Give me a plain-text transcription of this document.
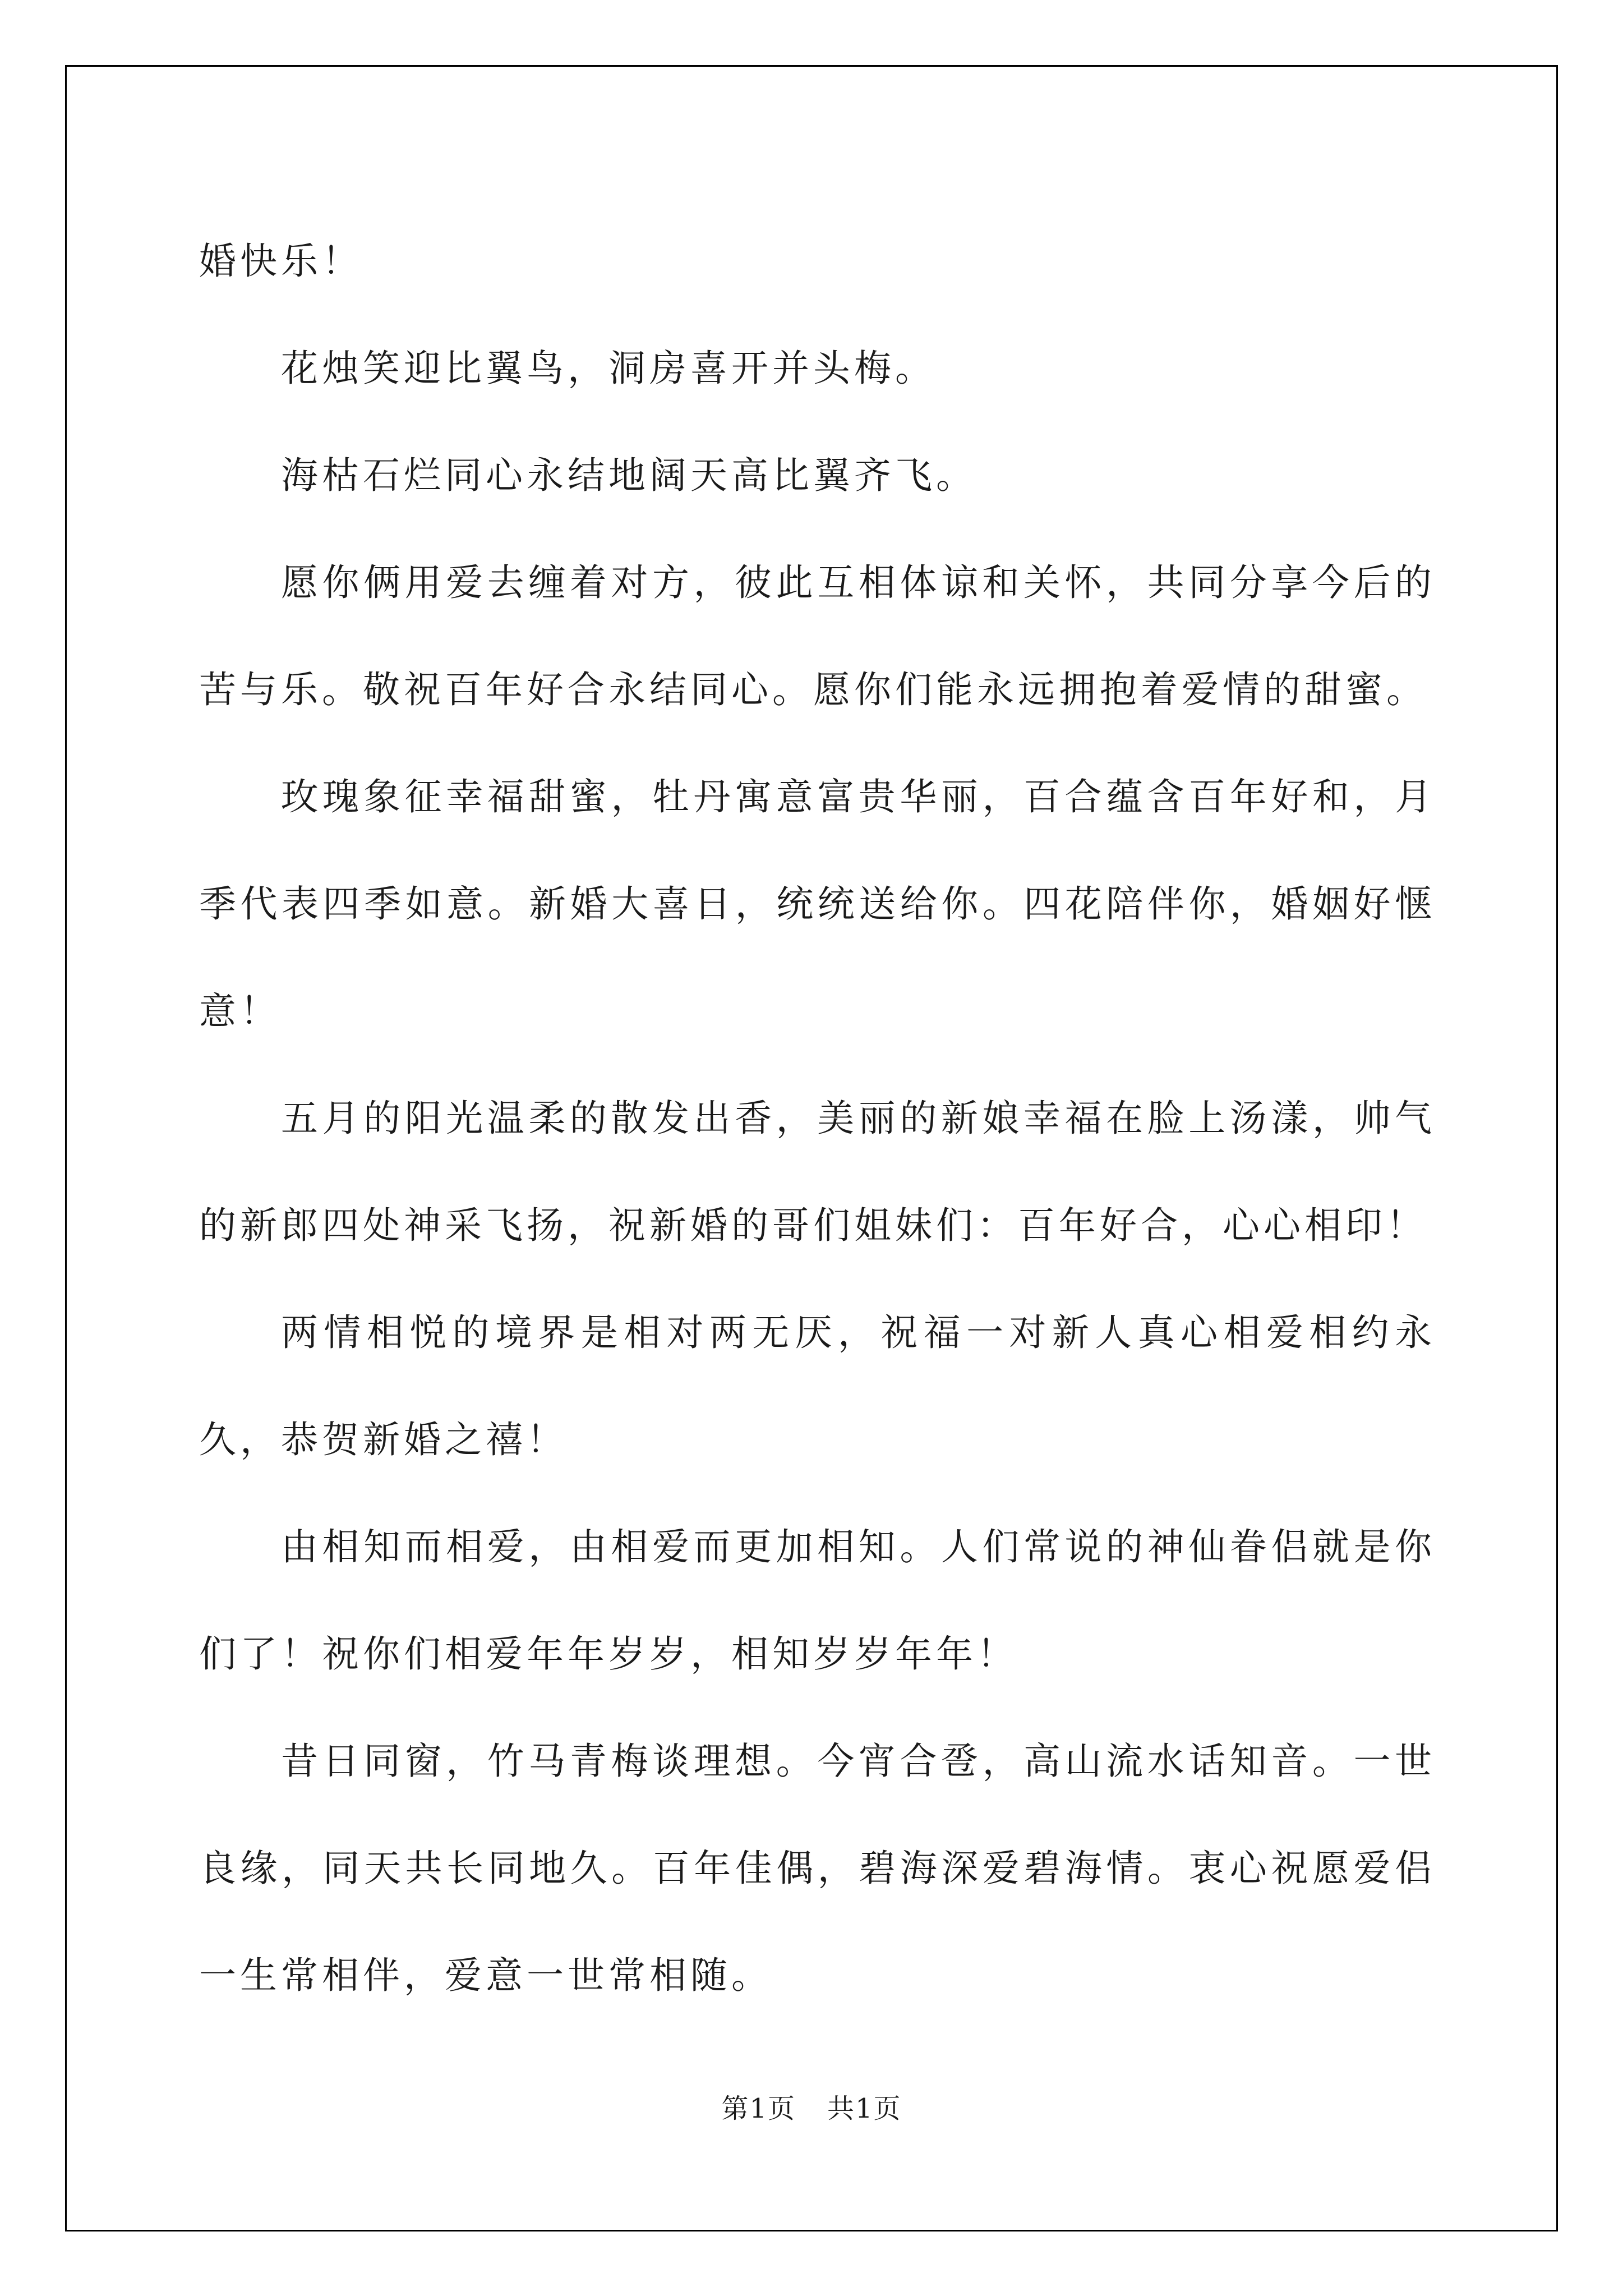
婚快乐！

花烛笑迎比翼鸟，洞房喜开并头梅。

海枯石烂同心永结地阔天高比翼齐飞。

愿你俩用爱去缠着对方，彼此互相体谅和关怀，共同分享今后的苦与乐。敬祝百年好合永结同心。愿你们能永远拥抱着爱情的甜蜜。

玫瑰象征幸福甜蜜，牡丹寓意富贵华丽，百合蕴含百年好和，月季代表四季如意。新婚大喜日，统统送给你。四花陪伴你，婚姻好惬意！

五月的阳光温柔的散发出香，美丽的新娘幸福在脸上汤漾，帅气的新郎四处神采飞扬，祝新婚的哥们姐妹们：百年好合，心心相印！

两情相悦的境界是相对两无厌，祝福一对新人真心相爱相约永久，恭贺新婚之禧！

由相知而相爱，由相爱而更加相知。人们常说的神仙眷侣就是你们了！祝你们相爱年年岁岁，相知岁岁年年！

昔日同窗，竹马青梅谈理想。今宵合卺，高山流水话知音。一世良缘，同天共长同地久。百年佳偶，碧海深爱碧海情。衷心祝愿爱侣一生常相伴，爱意一世常相随。

第1页 共1页
